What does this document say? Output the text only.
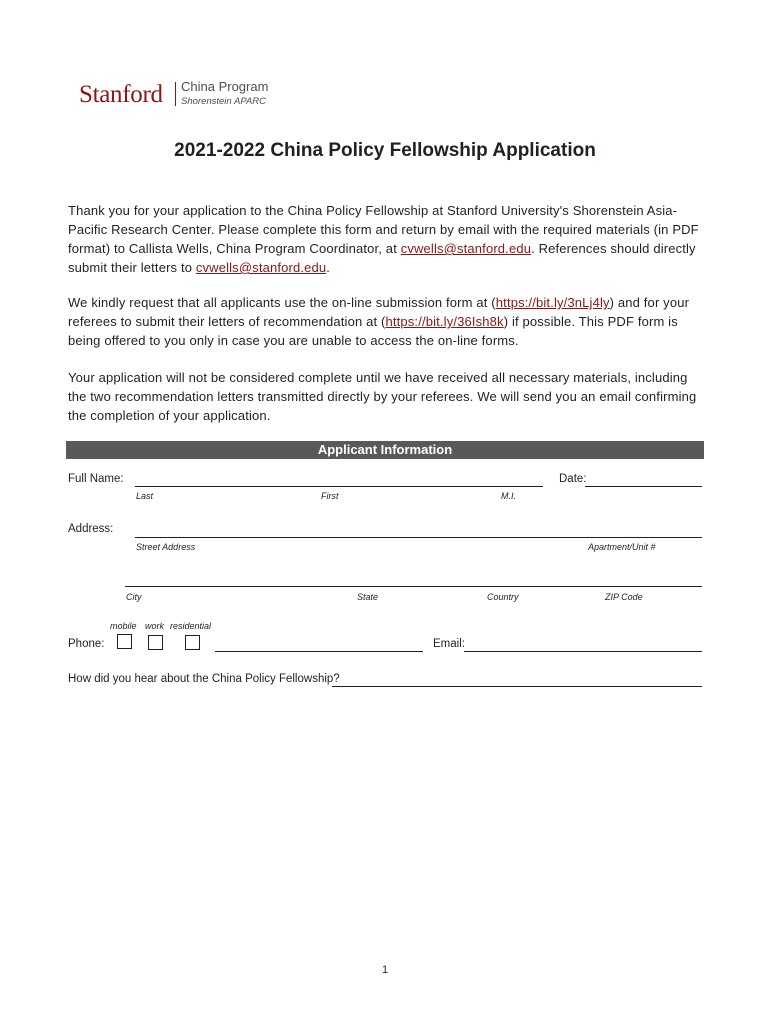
Stanford China Program
Shorenstein APARC
2021-2022 China Policy Fellowship Application
Thank you for your application to the China Policy Fellowship at Stanford University's Shorenstein Asia-Pacific Research Center. Please complete this form and return by email with the required materials (in PDF format) to Callista Wells, China Program Coordinator, at cvwells@stanford.edu. References should directly submit their letters to cvwells@stanford.edu.
We kindly request that all applicants use the on-line submission form at (https://bit.ly/3nLj4ly) and for your referees to submit their letters of recommendation at (https://bit.ly/36Ish8k) if possible. This PDF form is being offered to you only in case you are unable to access the on-line forms.
Your application will not be considered complete until we have received all necessary materials, including the two recommendation letters transmitted directly by your referees. We will send you an email confirming the completion of your application.
Applicant Information
Full Name:
Last	First	M.I.
Date:
Address:
Street Address	Apartment/Unit #
City	State	Country	ZIP Code
mobile work residential
Phone:	Email:
How did you hear about the China Policy Fellowship?
1
